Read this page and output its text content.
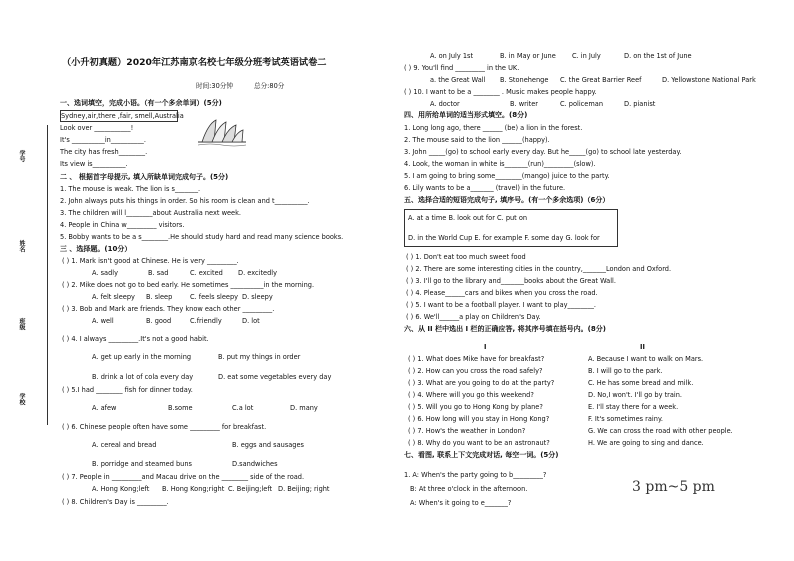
学号
姓名
班级
学校
（小升初真题）2020年江苏南京名校七年级分班考试英语试卷二
时间:30分钟	总分:80分
一、选词填空，完成小语。（有一个多余单词）(5分)
Sydney,air,there ,fair, smell,Australia
Look over ___________!
It's __________in__________.
The city has fresh________.
Its view is__________.
二 、 根据首字母提示, 填入所缺单词完成句子。(5分)
1. The mouse is weak. The lion is s_______.
2. John always puts his things in order. So his room is clean and t__________.
3. The children will l________about Australia next week.
4. People in China w_________ visitors.
5. Bobby wants to be a s________.He should study hard and read many science books.
三 、选择题。(10分）
( ) 1. Mark isn't good at Chinese. He is very _________.
A. sadly	B. sad	C. excited D. excitedly
( ) 2. Mike does not go to bed early. He sometimes __________in the morning.
A. felt sleepy B. sleep	C. feels sleepy D. sleepy
( ) 3. Bob and Mark are friends. They know each other _________.
A. well	B. good	C.friendly	D. lot
( ) 4. I always _________.It's not a good habit.
A. get up early in the morning	B. put my things in order
B. drink a lot of cola every day	D. eat some vegetables every day
( ) 5.I had ________ fish for dinner today.
A. afew	B.some	C.a lot	D. many
( ) 6. Chinese people often have some _________ for breakfast.
A. cereal and bread	B. eggs and sausages
B. porridge and steamed buns	D.sandwiches
( ) 7. People in _________and Macau drive on the ________ side of the road.
A. Hong Kong;left B. Hong Kong;right C. Beijing;left D. Beijing; right
( ) 8. Children's Day is _________.
A. on July 1st	B. in May or June C. in July	D. on the 1st of June
( ) 9. You'll find _________ in the UK.
a. the Great Wall B. Stonehenge C. the Great Barrier Reef	D. Yellowstone National Park
( ) 10. I want to be a ________ . Music makes people happy.
A. doctor	B. writer	C. policeman	D. pianist
四、用所给单词的适当形式填空。(8分)
1. Long long ago, there ______ (be) a lion in the forest.
2. The mouse said to the lion ______(happy).
3. John _____(go) to school early every day. But he_____(go) to school late yesterday.
4. Look, the woman in white is_______(run)_________(slow).
5. I am going to bring some________(mango) juice to the party.
6. Lily wants to be a_______ (travel) in the future.
五、选择合适的短语完成句子, 填序号。(有一个多余选项)（6分）
A. at a time B. look out for C. put on
D. in the World Cup E. for example F. some day G. look for
( ) 1. Don't eat too much sweet food
( ) 2. There are some interesting cities in the country,_______London and Oxford.
( ) 3. I'll go to the library and_______books about the Great Wall.
( ) 4. Please______cars and bikes when you cross the road.
( ) 5. I want to be a football player. I want to play________.
( ) 6. We'll______a play on Children's Day.
六、从 II 栏中选出 I 栏的正确应答, 将其序号填在括号内。(8分)
I	II
( ) 1. What does Mike have for breakfast?
( ) 2. How can you cross the road safely?
( ) 3. What are you going to do at the party?
( ) 4. Where will you go this weekend?
( ) 5. Will you go to Hong Kong by plane?
( ) 6. How long will you stay in Hong Kong?
( ) 7. How's the weather in London?
( ) 8. Why do you want to be an astronaut?
A. Because I want to walk on Mars.
B. I will go to the park.
C. He has some bread and milk.
D. No,I won't. I'll go by train.
E. I'll stay there for a week.
F. It's sometimes rainy.
G. We can cross the road with other people.
H. We are going to sing and dance.
七、看图, 联系上下文完成对话, 每空一词。(5分)
1. A: When's the party going to b_________?
B: At three o'clock in the afternoon.
A: When's it going to e_______?
3 pm~5 pm
